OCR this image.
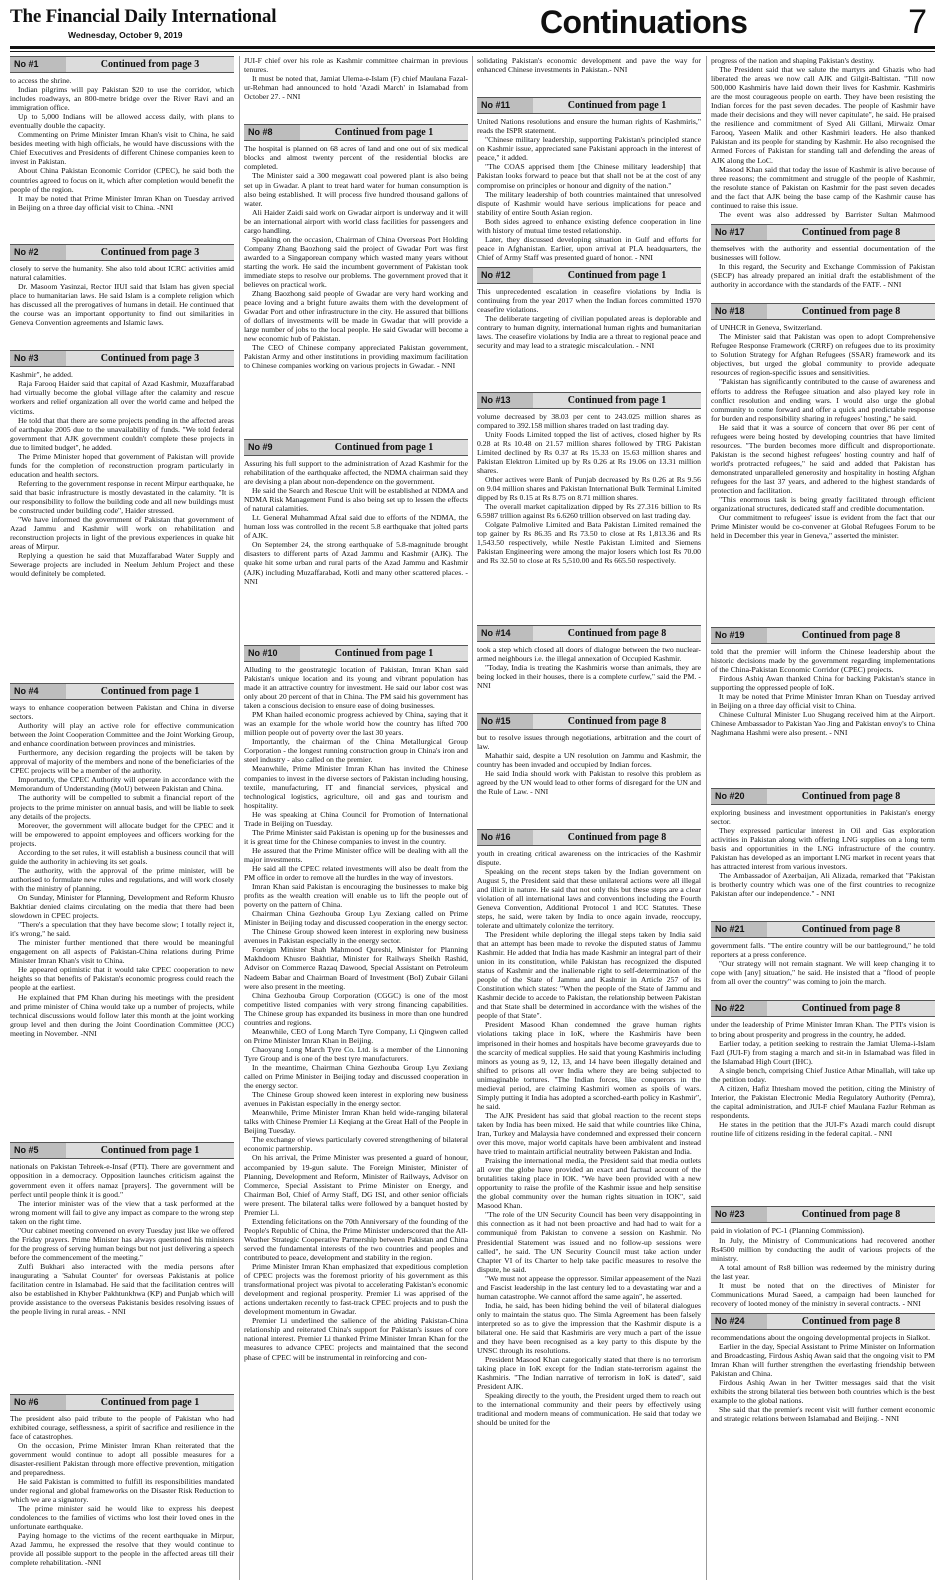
The Financial Daily International
Wednesday, October 9, 2019	Continuations	7
No #1	Continued from page 3

to access the shrine.

Indian pilgrims will pay Pakistan $20 to use the corridor, which includes roadways, an 800-metre bridge over the River Ravi and an immigration office.

Up to 5,000 Indians will be allowed access daily, with plans to eventually double the capacity.

Commenting on Prime Minister Imran Khan's visit to China, he said besides meeting with high officials, he would have discussions with the Chief Executives and Presidents of different Chinese companies keen to invest in Pakistan.

About China Pakistan Economic Corridor (CPEC), he said both the countries agreed to focus on it, which after completion would benefit the people of the region.

It may be noted that Prime Minister Imran Khan on Tuesday arrived in Beijing on a three day official visit to China. -NNI

No #2	Continued from page 3

closely to serve the humanity. She also told about ICRC activities amid natural calamities.

Dr. Masoom Yasinzai, Rector IIUI said that Islam has given special place to humanitarian laws. He said Islam is a complete religion which has discussed all the prerogatives of humans in detail. He continued that the course was an important opportunity to find out similarities in Geneva Convention agreements and Islamic laws.

No #3	Continued from page 3

Kashmir", he added.

Raja Farooq Haider said that capital of Azad Kashmir, Muzaffarabad had virtually become the global village after the calamity and rescue workers and relief organization all over the world came and helped the victims.

He told that that there are some projects pending in the affected areas of earthquake 2005 due to the unavailability of funds. "We told federal government that AJK government couldn't complete these projects in due to limited budget", he added.

The Prime Minister hoped that government of Pakistan will provide funds for the completion of reconstruction program particularly in education and health sectors.

Referring to the government response in recent Mirpur earthquake, he said that basic infrastructure is mostly devastated in the calamity. "It is our responsibility to follow the building code and all new buildings must be constructed under building code", Haider stressed.

"We have informed the government of Pakistan that government of Azad Jammu and Kashmir will work on rehabilitation and reconstruction projects in light of the previous experiences in quake hit areas of Mirpur.

Replying a question he said that Muzaffarabad Water Supply and Sewerage projects are included in Neelum Jehlum Project and these would definitely be completed.

No #4	Continued from page 1

ways to enhance cooperation between Pakistan and China in diverse sectors.

Authority will play an active role for effective communication between the Joint Cooperation Committee and the Joint Working Group, and enhance coordination between provinces and ministries.

Furthermore, any decision regarding the projects will be taken by approval of majority of the members and none of the beneficiaries of the CPEC projects will be a member of the authority.

Importantly, the CPEC Authority will operate in accordance with the Memorandum of Understanding (MoU) between Pakistan and China.

The authority will be compelled to submit a financial report of the projects to the prime minister on annual basis, and will be liable to seek any details of the projects.

Moreover, the government will allocate budget for the CPEC and it will be empowered to appoint employees and officers working for the projects.

According to the set rules, it will establish a business council that will guide the authority in achieving its set goals.

The authority, with the approval of the prime minister, will be authorised to formulate new rules and regulations, and will work closely with the ministry of planning.

On Sunday, Minister for Planning, Development and Reform Khusro Bakhtiar denied claims circulating on the media that there had been slowdown in CPEC projects.

"There's a speculation that they have become slow; I totally reject it, it's wrong," he said.

The minister further mentioned that there would be meaningful engagement on all aspects of Pakistan-China relations during Prime Minister Imran Khan's visit to China.

He appeared optimistic that it would take CPEC cooperation to new heights so that benefits of Pakistan's economic progress could reach the people at the earliest.

He explained that PM Khan during his meetings with the president and prime minister of China would take up a number of projects, while technical discussions would follow later this month at the joint working group level and then during the Joint Coordination Committee (JCC) meeting in November. -NNI

No #5	Continued from page 1

nationals on Pakistan Tehreek-e-Insaf (PTI). There are government and opposition in a democracy. Opposition launches criticism against the government even it offers namaz [prayers]. The government will be perfect until people think it is good."

The interior minister was of the view that a task performed at the wrong moment will fail to give any impact as compare to the wrong step taken on the right time.

"Our cabinet meeting convened on every Tuesday just like we offered the Friday prayers. Prime Minister has always questioned his ministers for the progress of serving human beings but not just delivering a speech before the commencement of the meeting."

Zulfi Bukhari also interacted with the media persons after inaugurating a 'Sahulat Counter' for overseas Pakistanis at police facilitation centre in Islamabad. He said that the facilitation centres will also be established in Khyber Pakhtunkhwa (KP) and Punjab which will provide assistance to the overseas Pakistanis besides resolving issues of the people living in rural areas. - NNI

No #6	Continued from page 1

The president also paid tribute to the people of Pakistan who had exhibited courage, selflessness, a spirit of sacrifice and resilience in the face of catastrophes.

On the occasion, Prime Minister Imran Khan reiterated that the government would continue to adopt all possible measures for a disaster-resilient Pakistan through more effective prevention, mitigation and preparedness.

He said Pakistan is committed to fulfill its responsibilities mandated under regional and global frameworks on the Disaster Risk Reduction to which we are a signatory.

The prime minister said he would like to express his deepest condolences to the families of victims who lost their loved ones in the unfortunate earthquake.

Paying homage to the victims of the recent earthquake in Mirpur, Azad Jammu, he expressed the resolve that they would continue to provide all possible support to the people in the affected areas till their complete rehabilitation. -NNI

JUI-F chief over his role as Kashmir committee chairman in previous tenures.

It must be noted that, Jamiat Ulema-e-Islam (F) chief Maulana Fazal-ur-Rehman had announced to hold 'Azadi March' in Islamabad from October 27. - NNI

No #8	Continued from page 1

The hospital is planned on 68 acres of land and one out of six medical blocks and almost twenty percent of the residential blocks are completed.

The Minister said a 300 megawatt coal powered plant is also being set up in Gwadar. A plant to treat hard water for human consumption is also being established. It will process five hundred thousand gallons of water.

Ali Haider Zaidi said work on Gwadar airport is underway and it will be an international airport with world class facilities for passengers and cargo handling.

Speaking on the occasion, Chairman of China Overseas Port Holding Company Zhang Baozhong said the project of Gwadar Port was first awarded to a Singaporean company which wasted many years without starting the work. He said the incumbent government of Pakistan took immediate steps to resolve our problems. The government proved that it believes on practical work.

Zhang Baozhong said people of Gwadar are very hard working and peace loving and a bright future awaits them with the development of Gwadar Port and other infrastructure in the city. He assured that billions of dollars of investments will be made in Gwadar that will provide a large number of jobs to the local people. He said Gwadar will become a new economic hub of Pakistan.

The CEO of Chinese company appreciated Pakistan government, Pakistan Army and other institutions in providing maximum facilitation to Chinese companies working on various projects in Gwadar. - NNI

No #9	Continued from page 1

Assuring his full support to the administration of Azad Kashmir for the rehabilitation of the earthquake affected, the NDMA chairman said they are devising a plan about non-dependence on the government.

He said the Search and Rescue Unit will be established at NDMA and NDMA Risk Management Fund is also being set up to lessen the effects of natural calamities.

Lt. General Muhammad Afzal said due to efforts of the NDMA, the human loss was controlled in the recent 5.8 earthquake that jolted parts of AJK.

On September 24, the strong earthquake of 5.8-magnitude brought disasters to different parts of Azad Jammu and Kashmir (AJK). The quake hit some urban and rural parts of the Azad Jammu and Kashmir (AJK) including Muzaffarabad, Kotli and many other scattered places. - NNI

No #10	Continued from page 1

Alluding to the geostrategic location of Pakistan, Imran Khan said Pakistan's unique location and its young and vibrant population has made it an attractive country for investment. He said our labor cost was only about 20 percent of that in China. The PM said his government has taken a conscious decision to ensure ease of doing businesses.

PM Khan hailed economic progress achieved by China, saying that it was an example for the whole world how the country has lifted 700 million people out of poverty over the last 30 years.

Importantly, the chairman of the China Metallurgical Group Corporation - the longest running construction group in China's iron and steel industry - also called on the premier.

Meanwhile, Prime Minister Imran Khan has invited the Chinese companies to invest in the diverse sectors of Pakistan including housing, textile, manufacturing, IT and financial services, physical and technological logistics, agriculture, oil and gas and tourism and hospitality.

He was speaking at China Council for Promotion of International Trade in Beijing on Tuesday.

The Prime Minister said Pakistan is opening up for the businesses and it is great time for the Chinese companies to invest in the country.

He assured that the Prime Minister office will be dealing with all the major investments.

He said all the CPEC related investments will also be dealt from the PM office in order to remove all the hurdles in the way of investors.

Imran Khan said Pakistan is encouraging the businesses to make big profits as the wealth creation will enable us to lift the people out of poverty on the pattern of China.

Chairman China Gezhouba Group Lyu Zexiang called on Prime Minister in Beijing today and discussed cooperation in the energy sector.

The Chinese Group showed keen interest in exploring new business avenues in Pakistan especially in the energy sector.

Foreign Minister Shah Mahmood Qureshi, Minister for Planning Makhdoom Khusro Bakhtiar, Minister for Railways Sheikh Rashid, Advisor on Commerce Razaq Dawood, Special Assistant on Petroleum Nadeem Babar and Chairman Board of Investment (BoI) Zubair Gilani were also present in the meeting.

China Gezhouba Group Corporation (CGGC) is one of the most competitive listed companies with very strong financing capabilities. The Chinese group has expanded its business in more than one hundred countries and regions.

Meanwhile, CEO of Long March Tyre Company, Li Qingwen called on Prime Minister Imran Khan in Beijing.

Chaoyang Long March Tyre Co. Ltd. is a member of the Linnoning Tyre Group and is one of the best tyre manufacturers.

In the meantime, Chairman China Gezhouba Group Lyu Zexiang called on Prime Minister in Beijing today and discussed cooperation in the energy sector.

The Chinese Group showed keen interest in exploring new business avenues in Pakistan especially in the energy sector.

Meanwhile, Prime Minister Imran Khan held wide-ranging bilateral talks with Chinese Premier Li Keqiang at the Great Hall of the People in Beijing Tuesday.

The exchange of views particularly covered strengthening of bilateral economic partnership.

On his arrival, the Prime Minister was presented a guard of honour, accompanied by 19-gun salute. The Foreign Minister, Minister of Planning, Development and Reform, Minister of Railways, Advisor on Commerce, Special Assistant to Prime Minister on Energy, and Chairman BoI, Chief of Army Staff, DG ISI, and other senior officials were present. The bilateral talks were followed by a banquet hosted by Premier Li.

Extending felicitations on the 70th Anniversary of the founding of the People's Republic of China, the Prime Minister underscored that the All-Weather Strategic Cooperative Partnership between Pakistan and China served the fundamental interests of the two countries and peoples and contributed to peace, development and stability in the region.

Prime Minister Imran Khan emphasized that expeditious completion of CPEC projects was the foremost priority of his government as this transformational project was pivotal to accelerating Pakistan's economic development and regional prosperity. Premier Li was apprised of the actions undertaken recently to fast-track CPEC projects and to push the development momentum in Gwadar.

Premier Li underlined the salience of the abiding Pakistan-China relationship and reiterated China's support for Pakistan's issues of core national interest. Premier Li thanked Prime Minister Imran Khan for the measures to advance CPEC projects and maintained that the second phase of CPEC will be instrumental in reinforcing and con-

solidating Pakistan's economic development and pave the way for enhanced Chinese investments in Pakistan.- NNI

No #11	Continued from page 1

United Nations resolutions and ensure the human rights of Kashmiris," reads the ISPR statement.

"Chinese military leadership, supporting Pakistan's principled stance on Kashmir issue, appreciated sane Pakistani approach in the interest of peace," it added.

"The COAS apprised them [the Chinese military leadership] that Pakistan looks forward to peace but that shall not be at the cost of any compromise on principles or honour and dignity of the nation."

The military leadership of both countries maintained that unresolved dispute of Kashmir would have serious implications for peace and stability of entire South Asian region.

Both sides agreed to enhance existing defence cooperation in line with history of mutual time tested relationship.

Later, they discussed developing situation in Gulf and efforts for peace in Afghanistan. Earlier, upon arrival at PLA headquarters, the Chief of Army Staff was presented guard of honor. - NNI

No #12	Continued from page 1

This unprecedented escalation in ceasefire violations by India is continuing from the year 2017 when the Indian forces committed 1970 ceasefire violations.

The deliberate targeting of civilian populated areas is deplorable and contrary to human dignity, international human rights and humanitarian laws. The ceasefire violations by India are a threat to regional peace and security and may lead to a strategic miscalculation. - NNI

No #13	Continued from page 1

volume decreased by 38.03 per cent to 243.025 million shares as compared to 392.158 million shares traded on last trading day.

Unity Foods Limited topped the list of actives, closed higher by Rs 0.28 at Rs 10.48 on 21.57 million shares followed by TRG Pakistan Limited declined by Rs 0.37 at Rs 15.33 on 15.63 million shares and Pakistan Elektron Limited up by Rs 0.26 at Rs 19.06 on 13.31 million shares.

Other actives were Bank of Punjab decreased by Rs 0.26 at Rs 9.56 on 9.04 million shares and Pakistan International Bulk Terminal Limited dipped by Rs 0.15 at Rs 8.75 on 8.71 million shares.

The overall market capitalization dipped by Rs 27.316 billion to Rs 6.5987 trillion against Rs 6.6260 trillion observed on last trading day.

Colgate Palmolive Limited and Bata Pakistan Limited remained the top gainer by Rs 86.35 and Rs 73.50 to close at Rs 1,813.36 and Rs 1,543.50 respectively, while Nestle Pakistan Limited and Siemens Pakistan Engineering were among the major losers which lost Rs 70.00 and Rs 32.50 to close at Rs 5,510.00 and Rs 665.50 respectively.

No #14	Continued from page 8

took a step which closed all doors of dialogue between the two nuclear-armed neighbours i.e. the illegal annexation of Occupied Kashmir.

"Today, India is treating the Kashmiris worse than animals, they are being locked in their houses, there is a complete curfew," said the PM. - NNI

No #15	Continued from page 8

but to resolve issues through negotiations, arbitration and the court of law.

Mahathir said, despite a UN resolution on Jammu and Kashmir, the country has been invaded and occupied by Indian forces.

He said India should work with Pakistan to resolve this problem as agreed by the UN would lead to other forms of disregard for the UN and the Rule of Law. - NNI

No #16	Continued from page 8

youth in creating critical awareness on the intricacies of the Kashmir dispute.

Speaking on the recent steps taken by the Indian government on August 5, the President said that these unilateral actions were all illegal and illicit in nature. He said that not only this but these steps are a clear violation of all international laws and conventions including the Fourth Geneva Convention, Additional Protocol 1 and ICC Statutes. These steps, he said, were taken by India to once again invade, reoccupy, tolerate and ultimately colonize the territory.

The President while deploring the illegal steps taken by India said that an attempt has been made to revoke the disputed status of Jammu Kashmir. He added that India has made Kashmir an integral part of their union in its constitution, while Pakistan has recognized the disputed status of Kashmir and the inalienable right to self-determination of the people of the State of Jammu and Kashmir in Article 257 of its Constitution which states: "When the people of the State of Jammu and Kashmir decide to accede to Pakistan, the relationship between Pakistan and that State shall be determined in accordance with the wishes of the people of that State".

President Masood Khan condemned the grave human rights violations taking place in IoK, where the Kashmiris have been imprisoned in their homes and hospitals have become graveyards due to the scarcity of medical supplies. He said that young Kashmiris including minors as young as 9, 12, 13, and 14 have been illegally detained and shifted to prisons all over India where they are being subjected to unimaginable tortures. "The Indian forces, like conquerors in the medieval period, are claiming Kashmiri women as spoils of wars. Simply putting it India has adopted a scorched-earth policy in Kashmir", he said.

The AJK President has said that global reaction to the recent steps taken by India has been mixed. He said that while countries like China, Iran, Turkey and Malaysia have condemned and expressed their concern over this move, major world capitals have been ambivalent and instead have tried to maintain artificial neutrality between Pakistan and India.

Praising the international media, the President said that media outlets all over the globe have provided an exact and factual account of the brutalities taking place in IOK. "We have been provided with a new opportunity to raise the profile of the Kashmir issue and help sensitise the global community over the human rights situation in IOK", said Masood Khan.

"The role of the UN Security Council has been very disappointing in this connection as it had not been proactive and had had to wait for a communiqué from Pakistan to convene a session on Kashmir. No Presidential Statement was issued and no follow-up sessions were called", he said. The UN Security Council must take action under Chapter VI of its Charter to help take pacific measures to resolve the dispute, he said.

"We must not appease the oppressor. Similar appeasement of the Nazi and Fascist leadership in the last century led to a devastating war and a human catastrophe. We cannot afford the same again", he asserted.

India, he said, has been hiding behind the veil of bilateral dialogues only to maintain the status quo. The Simla Agreement has been falsely interpreted so as to give the impression that the Kashmir dispute is a bilateral one. He said that Kashmiris are very much a part of the issue and they have been recognised as a key party to this dispute by the UNSC through its resolutions.

President Masood Khan categorically stated that there is no terrorism taking place in IoK except for the Indian state-terrorism against the Kashmiris. "The Indian narrative of terrorism in IoK is dated", said President AJK.

Speaking directly to the youth, the President urged them to reach out to the international community and their peers by effectively using traditional and modern means of communication. He said that today we should be united for the

progress of the nation and shaping Pakistan's destiny.

The President said that we salute the martyrs and Ghazis who had liberated the areas we now call AJK and Gilgit-Baltistan. "Till now 500,000 Kashmiris have laid down their lives for Kashmir. Kashmiris are the most courageous people on earth. They have been resisting the Indian forces for the past seven decades. The people of Kashmir have made their decisions and they will never capitulate", he said. He praised the resilience and commitment of Syed Ali Gillani, Mirwaiz Omar Farooq, Yaseen Malik and other Kashmiri leaders. He also thanked Pakistan and its people for standing by Kashmir. He also recognised the Armed Forces of Pakistan for standing tall and defending the areas of AJK along the LoC.

Masood Khan said that today the issue of Kashmir is alive because of three reasons; the commitment and struggle of the people of Kashmir, the resolute stance of Pakistan on Kashmir for the past seven decades and the fact that AJK being the base camp of the Kashmir cause has continued to raise this issue.

The event was also addressed by Barrister Sultan Mahmood

No #17	Continued from page 8

themselves with the authority and essential documentation of the businesses will follow.

In this regard, the Security and Exchange Commission of Pakistan (SECP) has already prepared an initial draft the establishment of the authority in accordance with the standards of the FATF. - NNI

No #18	Continued from page 8

of UNHCR in Geneva, Switzerland.

The Minister said that Pakistan was open to adopt Comprehensive Refugee Response Framework (CRRF) on refugees due to its proximity to Solution Strategy for Afghan Refugees (SSAR) framework and its objectives, but urged the global community to provide adequate resources of region-specific issues and sensitivities.

"Pakistan has significantly contributed to the cause of awareness and efforts to address the Refugee situation and also played key role in conflict resolution and ending wars. I would also urge the global community to come forward and offer a quick and predictable response for burden and responsibility sharing in refugees' hosting," he said.

He said that it was a source of concern that over 86 per cent of refugees were being hosted by developing countries that have limited resources. "The burden becomes more difficult and disproportionate. Pakistan is the second highest refugees' hosting country and half of world's protracted refugees," he said and added that Pakistan has demonstrated unparalleled generosity and hospitality in hosting Afghan refugees for the last 37 years, and adhered to the highest standards of protection and facilitation.

"This enormous task is being greatly facilitated through efficient organizational structures, dedicated staff and credible documentation.

Our commitment to refugees' issue is evident from the fact that our Prime Minister would be co-convener at Global Refugees Forum to be held in December this year in Geneva," asserted the minister.

No #19	Continued from page 8

told that the premier will inform the Chinese leadership about the historic decisions made by the government regarding implementations of the China-Pakistan Economic Corridor (CPEC) projects.

Firdous Ashiq Awan thanked China for backing Pakistan's stance in supporting the oppressed people of IoK.

It may be noted that Prime Minister Imran Khan on Tuesday arrived in Beijing on a three day official visit to China.

Chinese Cultural Minister Luo Shugang received him at the Airport. Chinese Ambassador to Pakistan Yao Jing and Pakistan envoy's to China Naghmana Hashmi were also present. - NNI

No #20	Continued from page 8

exploring business and investment opportunities in Pakistan's energy sector.

They expressed particular interest in Oil and Gas exploration activities in Pakistan along with offering LNG supplies on a long term basis and opportunities in the LNG infrastructure of the country. Pakistan has developed as an important LNG market in recent years that has attracted interest from various investors.

The Ambassador of Azerbaijan, Ali Alizada, remarked that "Pakistan is brotherly country which was one of the first countries to recognize Pakistan after our independence." - NNI

No #21	Continued from page 8

government falls. "The entire country will be our battleground," he told reporters at a press conference.

"Our strategy will not remain stagnant. We will keep changing it to cope with [any] situation," he said. He insisted that a "flood of people from all over the country" was coming to join the march.

No #22	Continued from page 8

under the leadership of Prime Minister Imran Khan. The PTI's vision is to bring about prosperity and progress in the country, he added.

Earlier today, a petition seeking to restrain the Jamiat Ulema-i-Islam Fazl (JUI-F) from staging a march and sit-in in Islamabad was filed in the Islamabad High Court (IHC).

A single bench, comprising Chief Justice Athar Minallah, will take up the petition today.

A citizen, Hafiz Ihtesham moved the petition, citing the Ministry of Interior, the Pakistan Electronic Media Regulatory Authority (Pemra), the capital administration, and JUI-F chief Maulana Fazlur Rehman as respondents.

He states in the petition that the JUI-F's Azadi march could disrupt routine life of citizens residing in the federal capital. - NNI

No #23	Continued from page 8

paid in violation of PC-1 (Planning Commission).

In July, the Ministry of Communications had recovered another Rs4500 million by conducting the audit of various projects of the ministry.

A total amount of Rs8 billion was redeemed by the ministry during the last year.

It must be noted that on the directives of Minister for Communications Murad Saeed, a campaign had been launched for recovery of looted money of the ministry in several contracts. - NNI

No #24	Continued from page 8

recommendations about the ongoing developmental projects in Sialkot.

Earlier in the day, Special Assistant to Prime Minister on Information and Broadcasting, Firdous Ashiq Awan said that the ongoing visit to PM Imran Khan will further strengthen the everlasting friendship between Pakistan and China.

Firdous Ashiq Awan in her Twitter messages said that the visit exhibits the strong bilateral ties between both countries which is the best example to the global nations.

She said that the premier's recent visit will further cement economic and strategic relations between Islamabad and Beijing. - NNI
